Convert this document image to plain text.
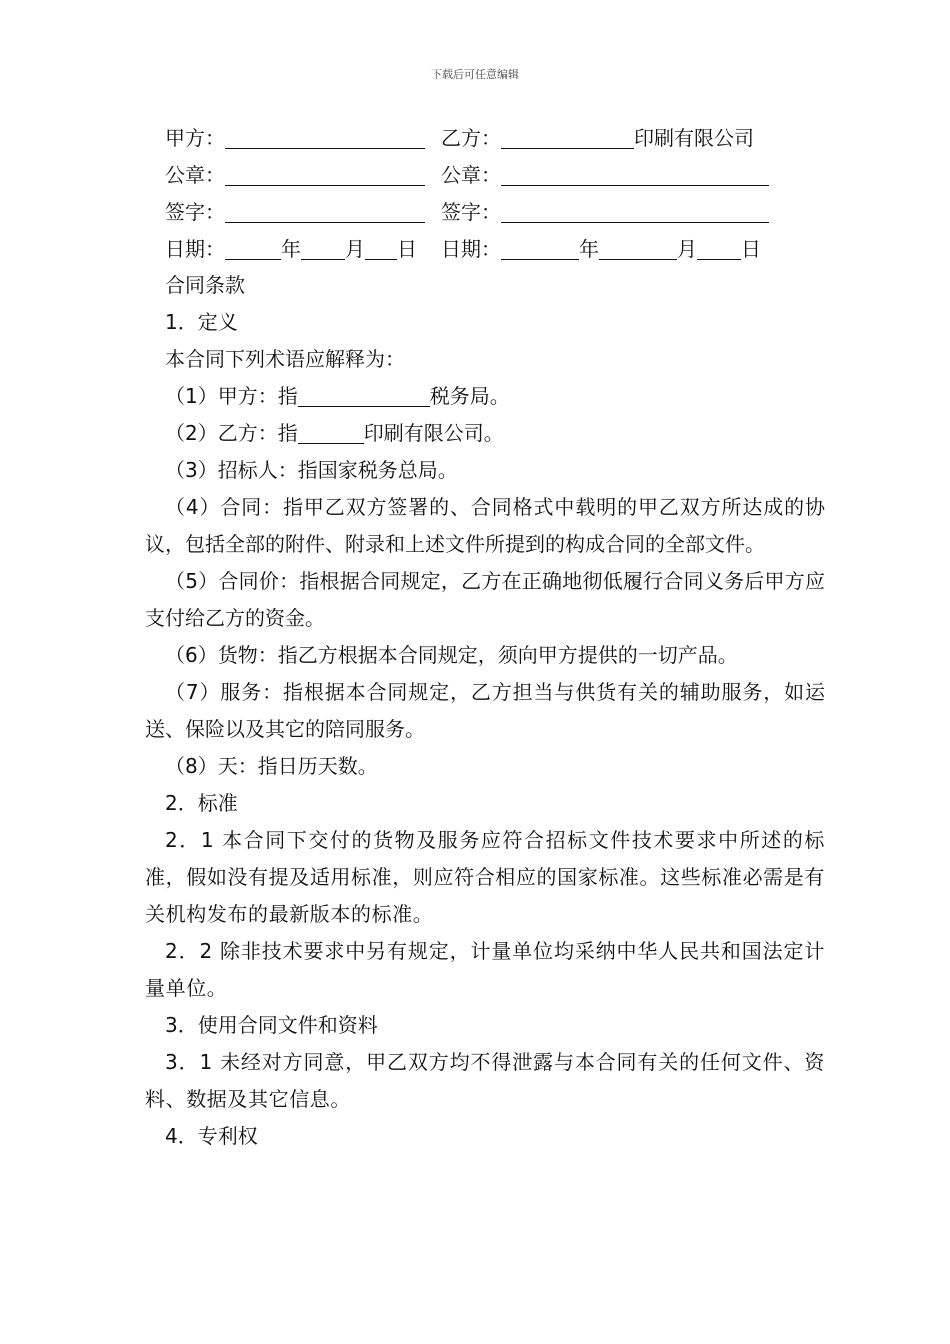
下载后可任意编辑
甲方：		乙方： 印刷有限公司
公章：		公章：
签字：		签字：
日期： 年 月 日		日期： 年 月 日

合同条款

1．定义

本合同下列术语应解释为：

（1）甲方：指	税务局。

（2）乙方：指	印刷有限公司。

（3）招标人：指国家税务总局。

（4）合同：指甲乙双方签署的、合同格式中载明的甲乙双方所达成的协议，包括全部的附件、附录和上述文件所提到的构成合同的全部文件。

（5）合同价：指根据合同规定，乙方在正确地彻低履行合同义务后甲方应支付给乙方的资金。

（6）货物：指乙方根据本合同规定，须向甲方提供的一切产品。

（7）服务：指根据本合同规定，乙方担当与供货有关的辅助服务，如运送、保险以及其它的陪同服务。

（8）天：指日历天数。

2．标准

2．1 本合同下交付的货物及服务应符合招标文件技术要求中所述的标准，假如没有提及适用标准，则应符合相应的国家标准。这些标准必需是有关机构发布的最新版本的标准。

2．2 除非技术要求中另有规定，计量单位均采纳中华人民共和国法定计量单位。

3．使用合同文件和资料

3．1 未经对方同意，甲乙双方均不得泄露与本合同有关的任何文件、资料、数据及其它信息。

4．专利权
